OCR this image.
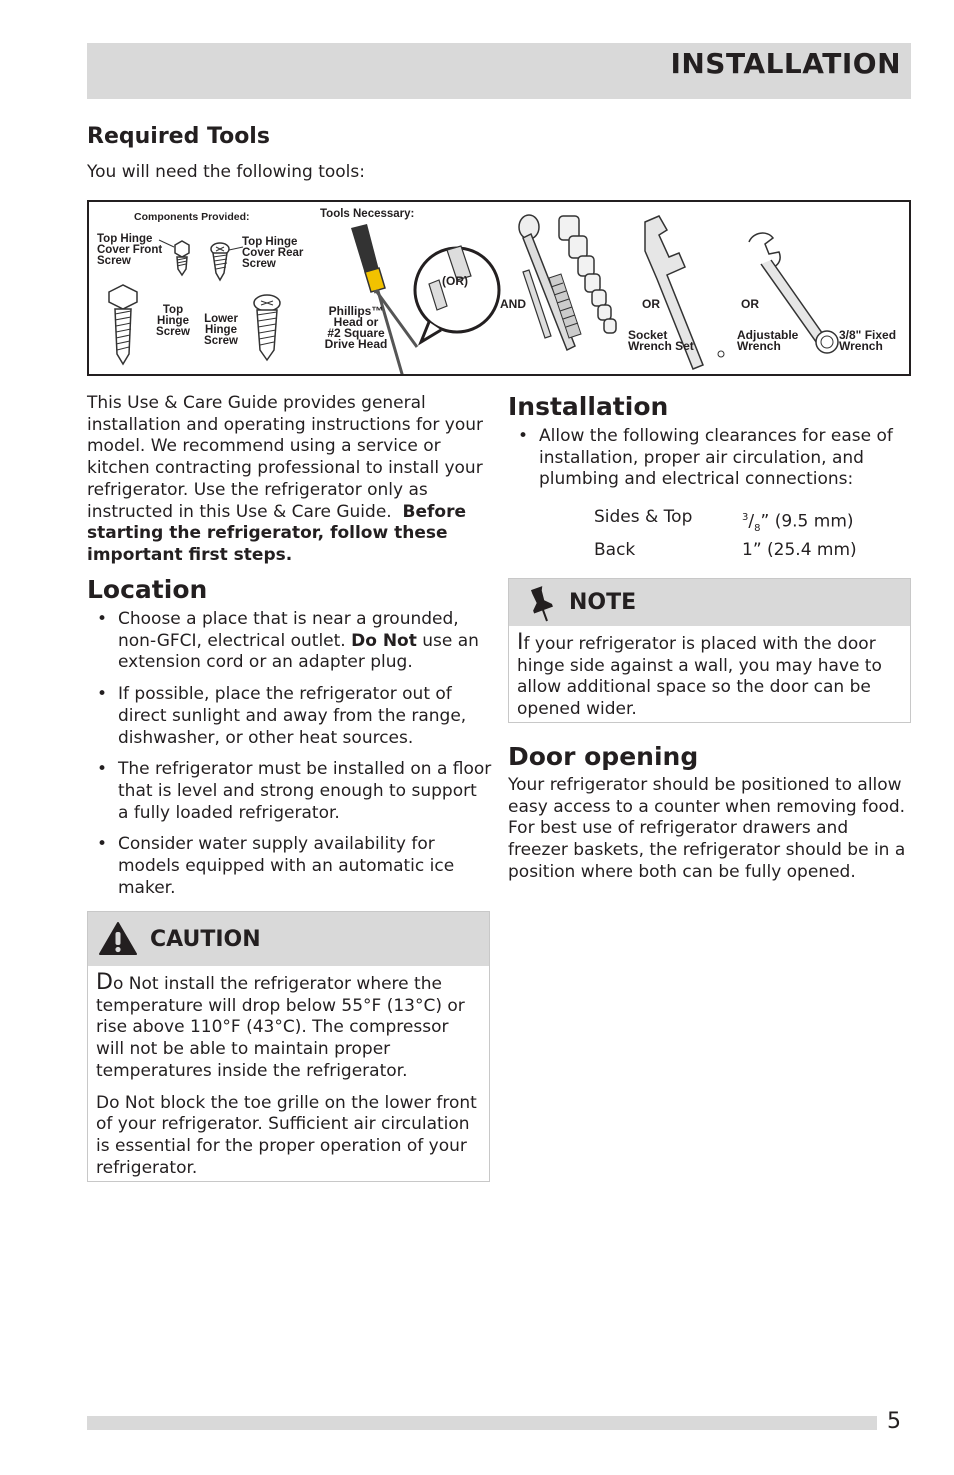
INSTALLATION
Required Tools
You will need the following tools:
Components Provided:	Tools Necessary:
Top Hinge
Cover Front
Screw
Top Hinge
Cover Rear
Screw
Top
Hinge
Screw
Lower
Hinge
Screw
Phillips™
Head or
#2 Square
Drive Head
(OR)
AND	OR	OR
Socket
Wrench Set
Adjustable
Wrench
3/8" Fixed
Wrench
This Use & Care Guide provides general installation and operating instructions for your model. We recommend using a service or kitchen contracting professional to install your refrigerator. Use the refrigerator only as instructed in this Use & Care Guide. Before starting the refrigerator, follow these important first steps.
Location
• Choose a place that is near a grounded, non-GFCI, electrical outlet. Do Not use an extension cord or an adapter plug.
• If possible, place the refrigerator out of direct sunlight and away from the range, dishwasher, or other heat sources.
• The refrigerator must be installed on a floor that is level and strong enough to support a fully loaded refrigerator.
• Consider water supply availability for models equipped with an automatic ice maker.
CAUTION

Do Not install the refrigerator where the temperature will drop below 55°F (13°C) or rise above 110°F (43°C). The compressor will not be able to maintain proper temperatures inside the refrigerator.

Do Not block the toe grille on the lower front of your refrigerator. Sufficient air circulation is essential for the proper operation of your refrigerator.

Installation
• Allow the following clearances for ease of installation, proper air circulation, and plumbing and electrical connections:
Sides & Top	$^3/_8$” (9.5 mm)
Back	1” (25.4 mm)
NOTE

If your refrigerator is placed with the door hinge side against a wall, you may have to allow additional space so the door can be opened wider.

Door opening
Your refrigerator should be positioned to allow easy access to a counter when removing food. For best use of refrigerator drawers and freezer baskets, the refrigerator should be in a position where both can be fully opened.
5
